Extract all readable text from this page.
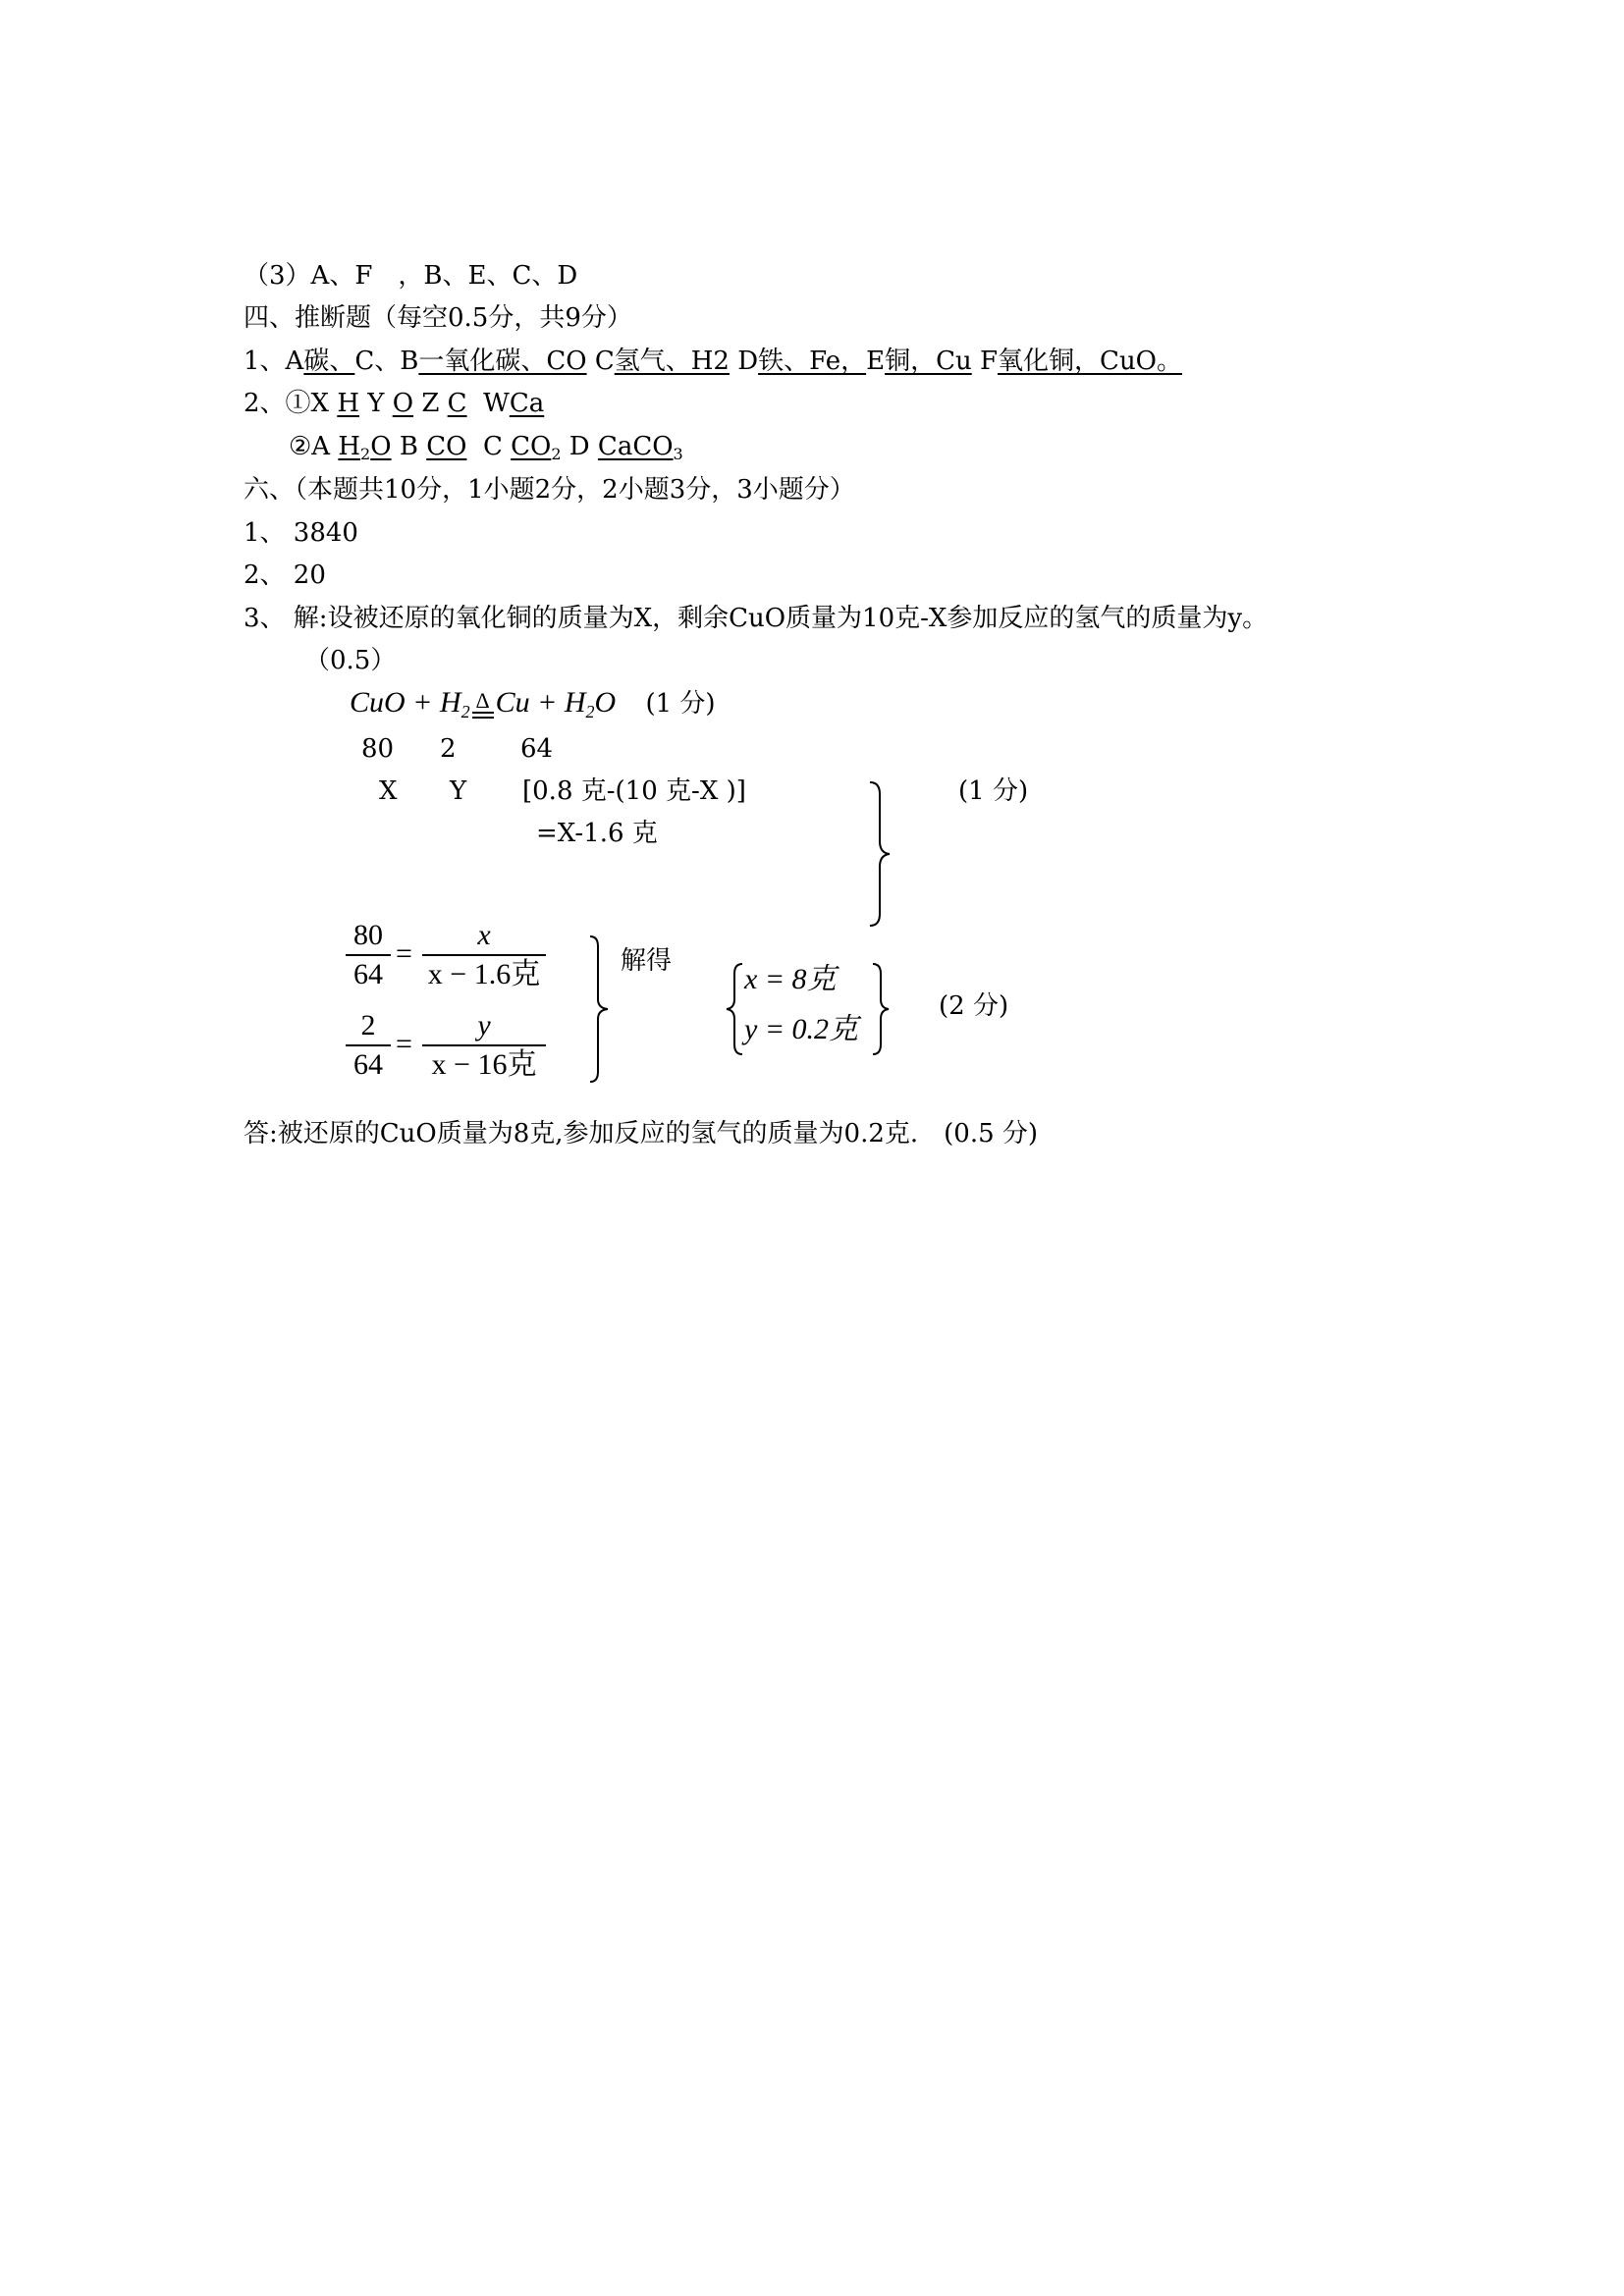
（3）A、F　，B、E、C、D
四、推断题（每空0.5分，共9分）
1、A碳、C、B一氧化碳、CO C氢气、H2 D铁、Fe，E铜，Cu F氧化铜，CuO。
2、①X H Y O Z C WCa
②A $H_2O$ B CO C $CO_2$ D CaCO$_3$
六、（本题共10分，1小题2分，2小题3分，3小题分）
1、 3840
2、 20
3、 解:设被还原的氧化铜的质量为X，剩余CuO质量为10克-X参加反应的氢气的质量为y。
（0.5）
CuO + $H_2$ Δ $Cu + H_2O$ (1 分)
80 2	64
X Y [0.8 克-(10 克-X )]
=X-1.6 克
(1 分)
80
64
=
x
x − 1.6克
2
64
=
y
x − 16克
解得
x = 8克
y = 0.2克
(2 分)
答:被还原的CuO质量为8克,参加反应的氢气的质量为0.2克.　(0.5 分)
